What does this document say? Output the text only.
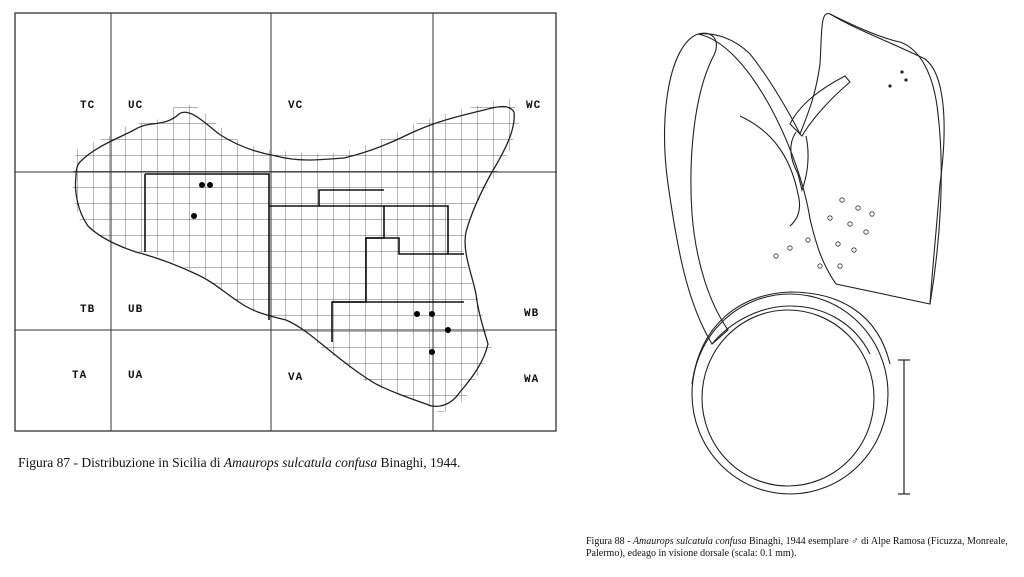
TC	UC	VC	WC
TB	UB	WB
TA	UA	VA	WA
Figura 87 - Distribuzione in Sicilia di Amaurops sulcatula confusa Binaghi, 1944.
Figura 88 - Amaurops sulcatula confusa Binaghi, 1944 esemplare ♂ di Alpe Ramosa (Ficuzza, Monreale, Palermo), edeago in visione dorsale (scala: 0.1 mm).
